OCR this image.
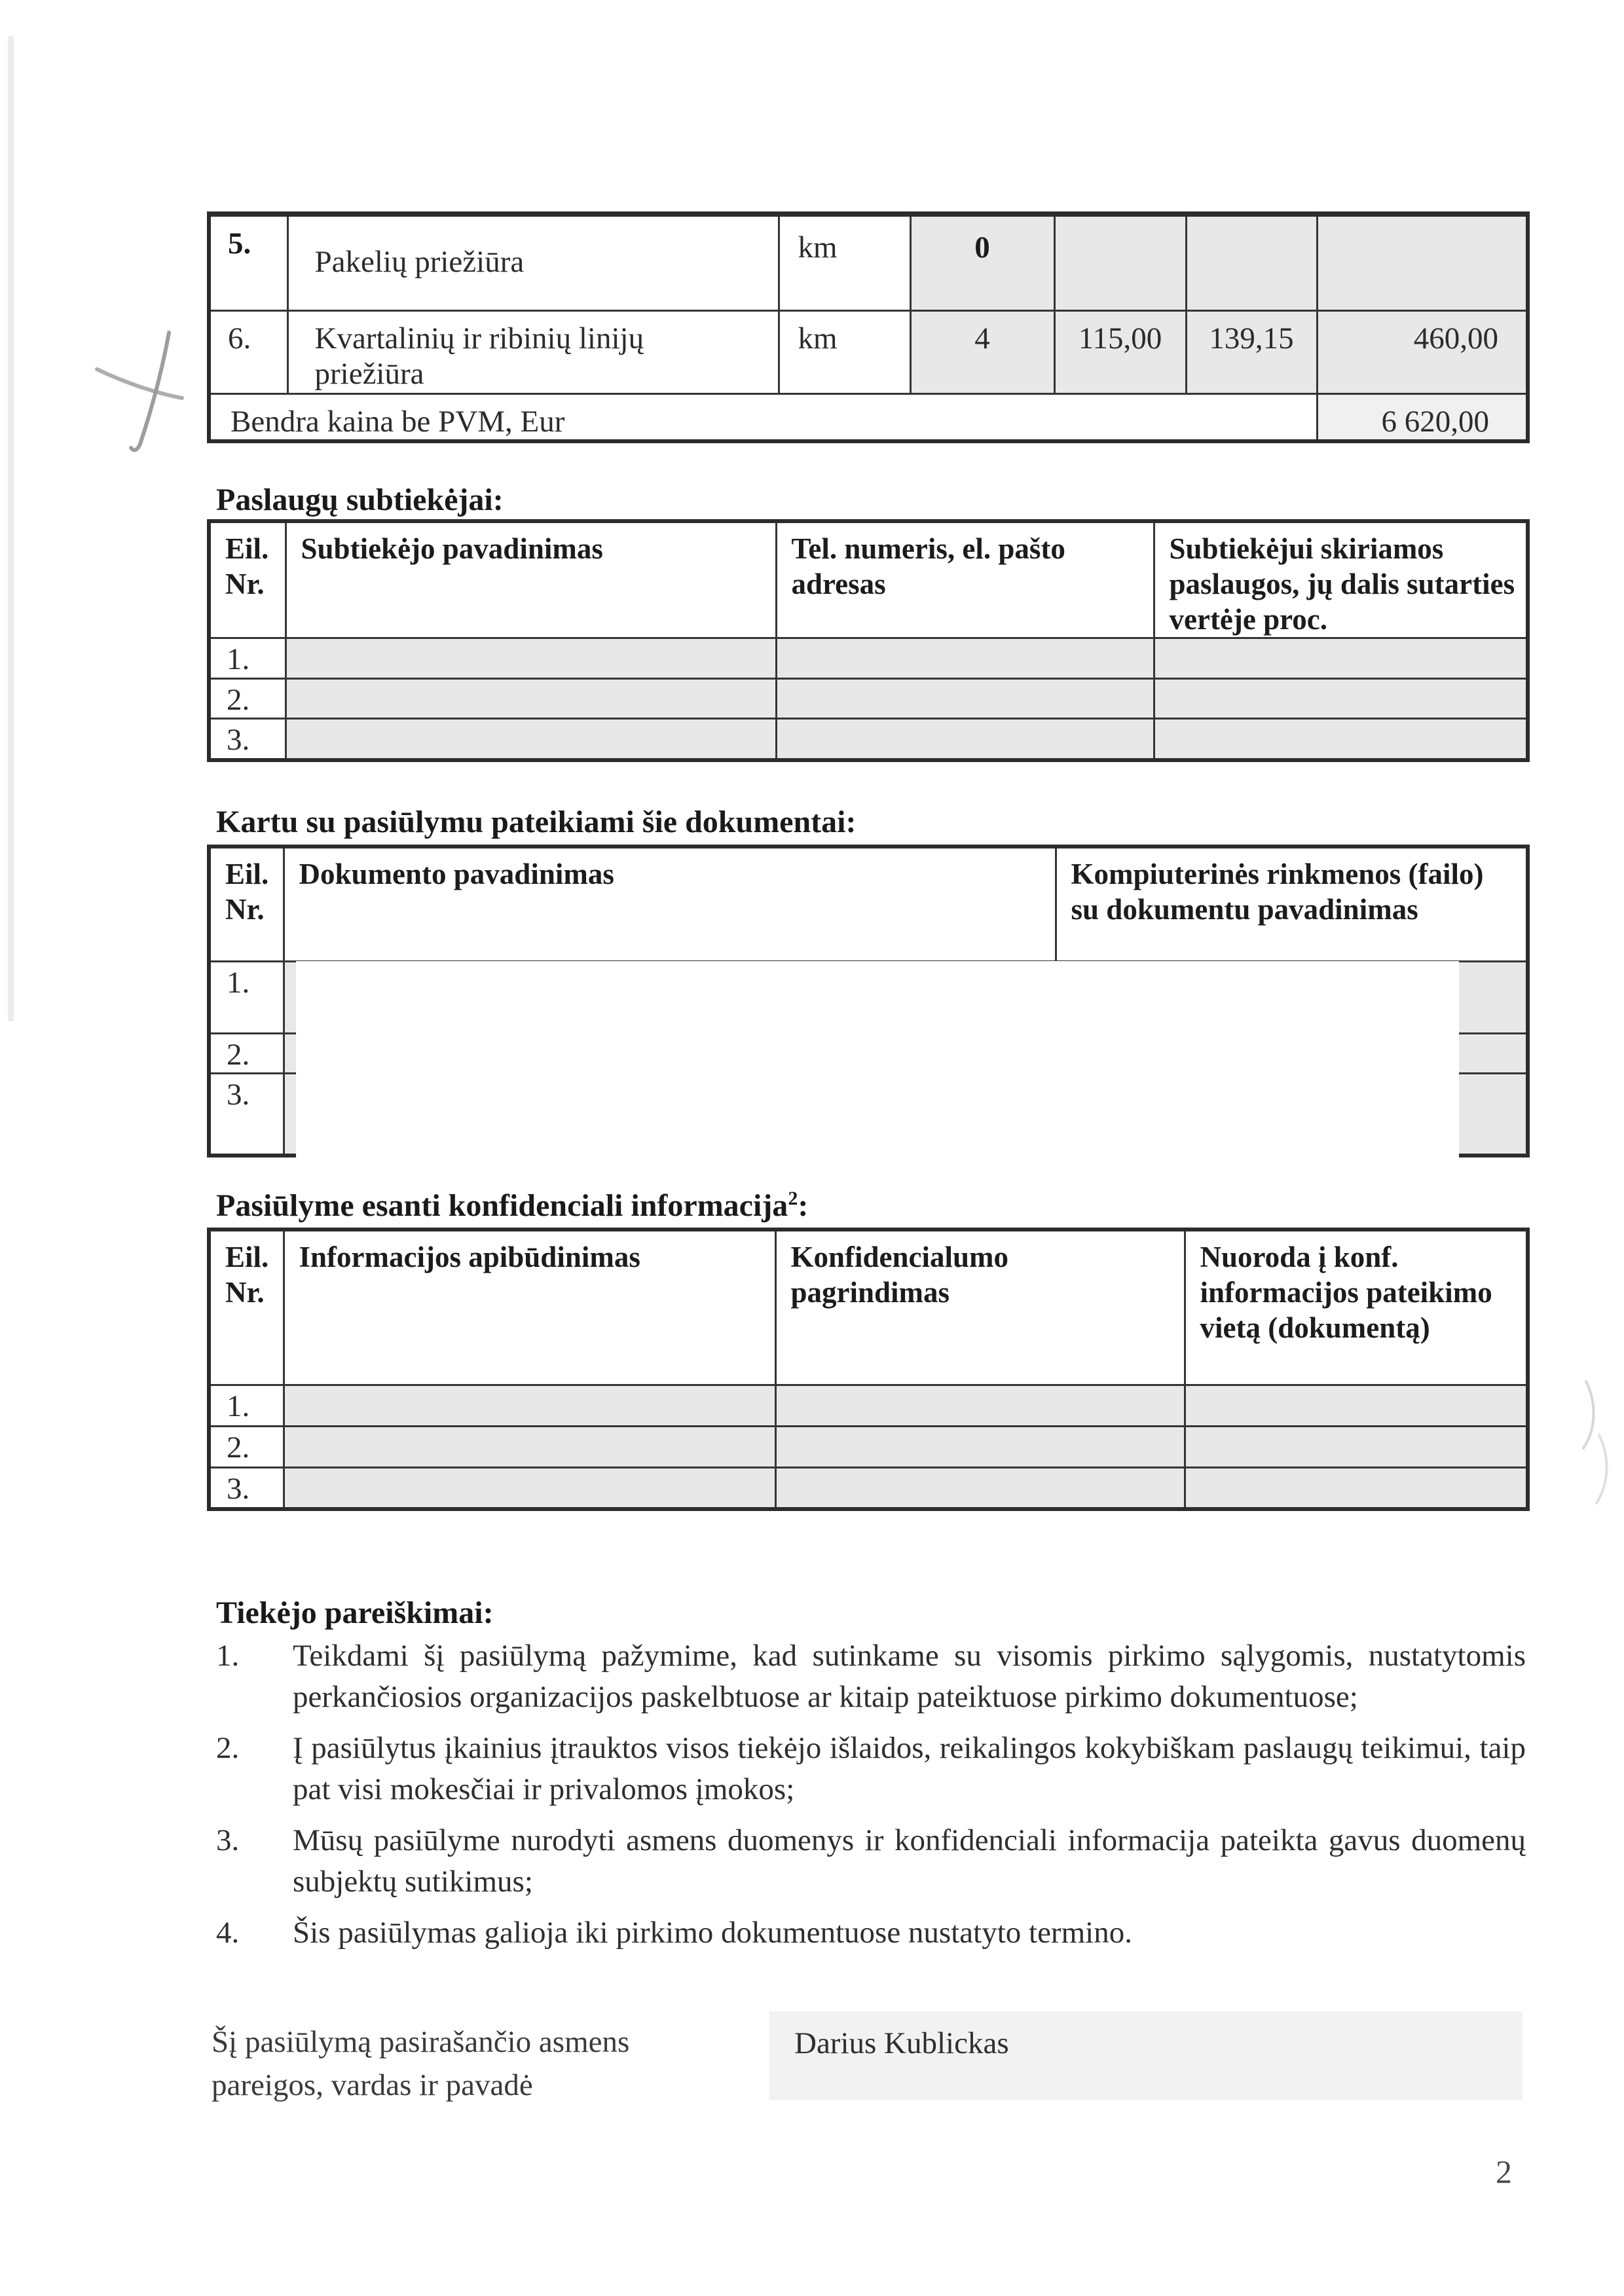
5.	Pakelių priežiūra	km	0			
6.	Kvartalinių ir ribinių linijų priežiūra	km	4	115,00	139,15	460,00
Bendra kaina be PVM, Eur						6 620,00
Paslaugų subtiekėjai:
Eil. Nr.	Subtiekėjo pavadinimas	Tel. numeris, el. pašto adresas	Subtiekėjui skiriamos paslaugos, jų dalis sutarties vertėje proc.
1.			
2.			
3.			
Kartu su pasiūlymu pateikiami šie dokumentai:
Eil. Nr.	Dokumento pavadinimas	Kompiuterinės rinkmenos (failo) su dokumentu pavadinimas
1.		
2.		
3.		
Pasiūlyme esanti konfidenciali informacija$^2$:
Eil. Nr.	Informacijos apibūdinimas	Konfidencialumo pagrindimas	Nuoroda į konf. informacijos pateikimo vietą (dokumentą)
1.			
2.			
3.			
Tiekėjo pareiškimai:
1. Teikdami šį pasiūlymą pažymime, kad sutinkame su visomis pirkimo sąlygomis, nustatytomis perkančiosios organizacijos paskelbtuose ar kitaip pateiktuose pirkimo dokumentuose;
2. Į pasiūlytus įkainius įtrauktos visos tiekėjo išlaidos, reikalingos kokybiškam paslaugų teikimui, taip pat visi mokesčiai ir privalomos įmokos;
3. Mūsų pasiūlyme nurodyti asmens duomenys ir konfidenciali informacija pateikta gavus duomenų subjektų sutikimus;
4. Šis pasiūlymas galioja iki pirkimo dokumentuose nustatyto termino.
Šį pasiūlymą pasirašančio asmens pareigos, vardas ir pavadė
Darius Kublickas
2
